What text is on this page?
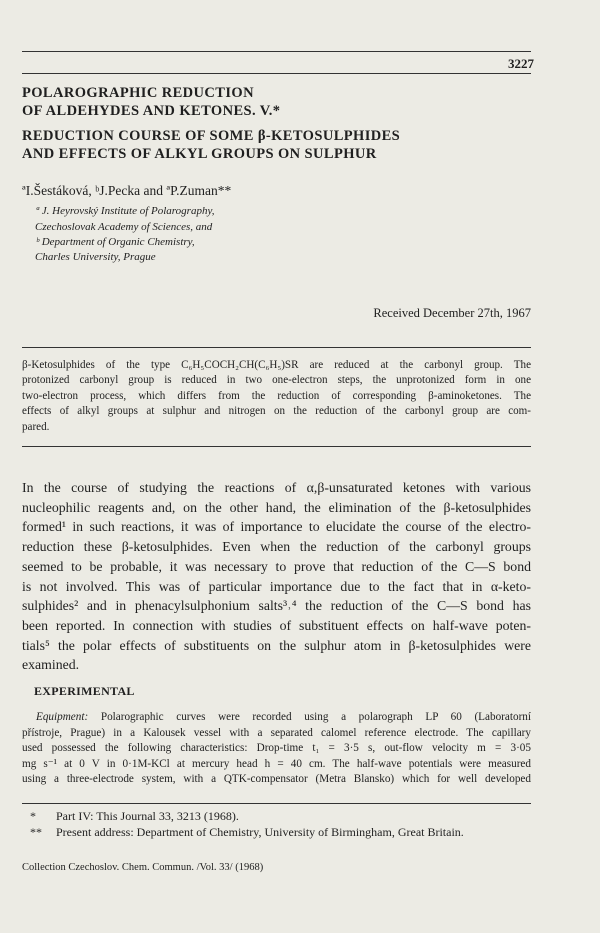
3227
POLAROGRAPHIC REDUCTION
OF ALDEHYDES AND KETONES. V.*
REDUCTION COURSE OF SOME β-KETOSULPHIDES
AND EFFECTS OF ALKYL GROUPS ON SULPHUR
ªI.Šestáková, ᵇJ.Pecka and ªP.Zuman**
ª J. Heyrovský Institute of Polarography,
Czechoslovak Academy of Sciences, and
ᵇ Department of Organic Chemistry,
Charles University, Prague
Received December 27th, 1967

β-Ketosulphides of the type C₆H₅COCH₂CH(C₆H₅)SR are reduced at the carbonyl group. The
protonized carbonyl group is reduced in two one-electron steps, the unprotonized form in one
two-electron process, which differs from the reduction of corresponding β-aminoketones. The
effects of alkyl groups at sulphur and nitrogen on the reduction of the carbonyl group are com-
pared.

In the course of studying the reactions of α,β-unsaturated ketones with various
nucleophilic reagents and, on the other hand, the elimination of the β-ketosulphides
formed¹ in such reactions, it was of importance to elucidate the course of the electro-
reduction these β-ketosulphides. Even when the reduction of the carbonyl groups
seemed to be probable, it was necessary to prove that reduction of the C—S bond
is not involved. This was of particular importance due to the fact that in α-keto-
sulphides² and in phenacylsulphonium salts³˒⁴ the reduction of the C—S bond has
been reported. In connection with studies of substituent effects on half-wave poten-
tials⁵ the polar effects of substituents on the sulphur atom in β-ketosulphides were
examined.

EXPERIMENTAL

Equipment: Polarographic curves were recorded using a polarograph LP 60 (Laboratorní
přístroje, Prague) in a Kalousek vessel with a separated calomel reference electrode. The capillary
used possessed the following characteristics: Drop-time t₁ = 3·5 s, out-flow velocity m = 3·05
mg s⁻¹ at 0 V in 0·1M-KCl at mercury head h = 40 cm. The half-wave potentials were measured
using a three-electrode system, with a QTK-compensator (Metra Blansko) which for well developed

* Part IV: This Journal 33, 3213 (1968).
** Present address: Department of Chemistry, University of Birmingham, Great Britain.
Collection Czechoslov. Chem. Commun. /Vol. 33/ (1968)
